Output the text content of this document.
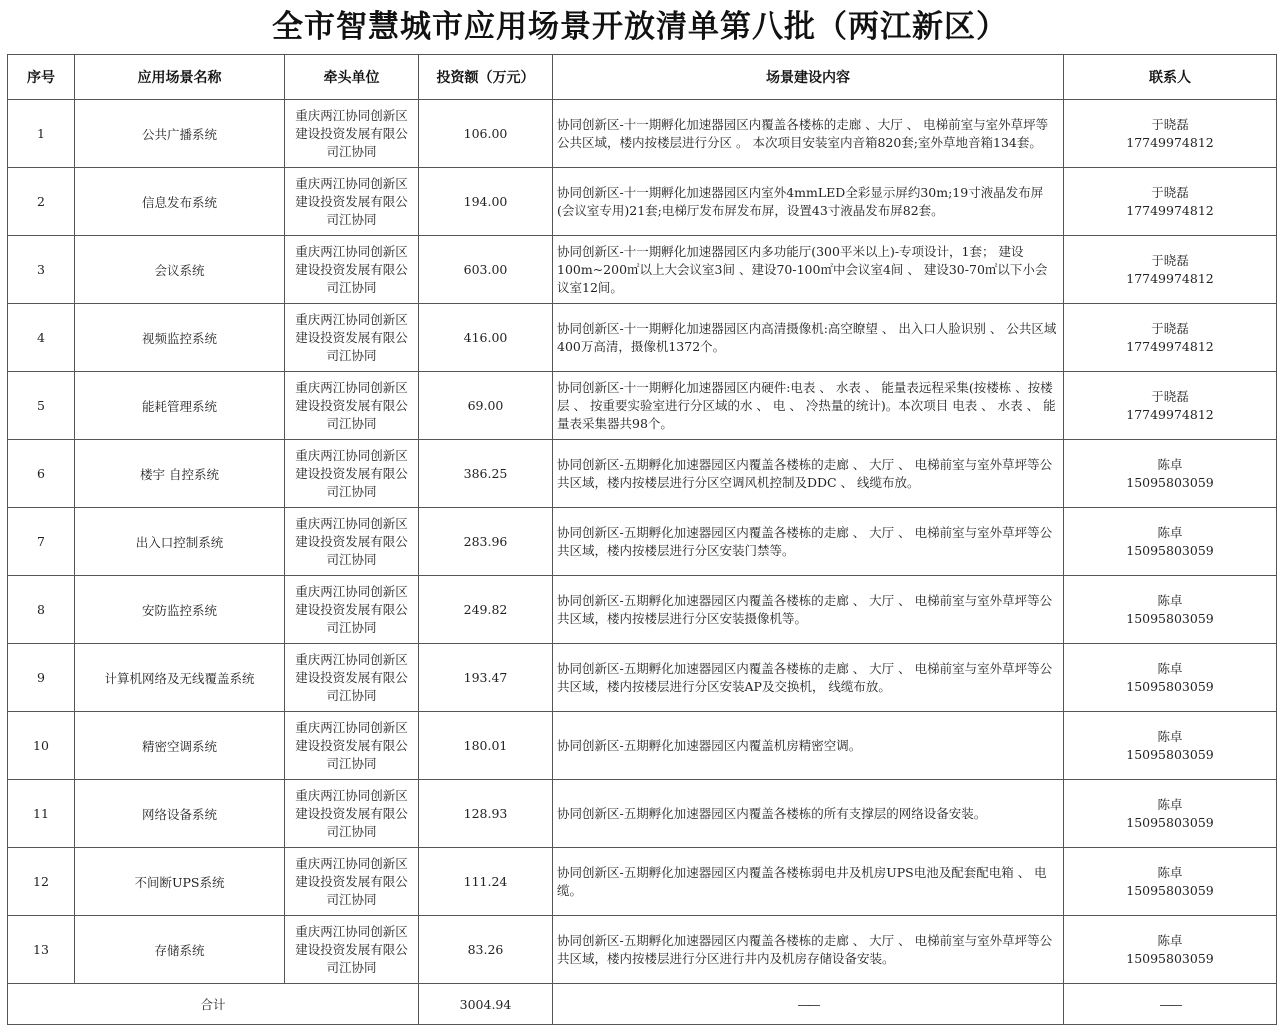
全市智慧城市应用场景开放清单第八批（两江新区）
序号	应用场景名称	牵头单位	投资额（万元）	场景建设内容	联系人
1	公共广播系统	重庆两江协同创新区建设投资发展有限公司江协同	106.00	协同创新区-十一期孵化加速器园区内覆盖各楼栋的走廊 、大厅 、 电梯前室与室外草坪等公共区域，楼内按楼层进行分区 。 本次项目安装室内音箱820套;室外草地音箱134套。	于晓磊
17749974812
2	信息发布系统	重庆两江协同创新区建设投资发展有限公司江协同	194.00	协同创新区-十一期孵化加速器园区内室外4mmLED全彩显示屏约30m;19寸液晶发布屏(会议室专用)21套;电梯厅发布屏发布屏，设置43寸液晶发布屏82套。	于晓磊
17749974812
3	会议系统	重庆两江协同创新区建设投资发展有限公司江协同	603.00	协同创新区-十一期孵化加速器园区内多功能厅(300平米以上)-专项设计，1套； 建设100m~200㎡以上大会议室3间 、建设70-100㎡中会议室4间 、 建设30-70㎡以下小会议室12间。	于晓磊
17749974812
4	视频监控系统	重庆两江协同创新区建设投资发展有限公司江协同	416.00	协同创新区-十一期孵化加速器园区内高清摄像机:高空瞭望 、 出入口人脸识别 、 公共区域400万高清，摄像机1372个。	于晓磊
17749974812
5	能耗管理系统	重庆两江协同创新区建设投资发展有限公司江协同	69.00	协同创新区-十一期孵化加速器园区内硬件:电表 、 水表 、 能量表远程采集(按楼栋 、按楼层 、 按重要实验室进行分区域的水 、 电 、 冷热量的统计)。本次项目 电表 、 水表 、 能量表采集器共98个。	于晓磊
17749974812
6	楼宇 自控系统	重庆两江协同创新区建设投资发展有限公司江协同	386.25	协同创新区-五期孵化加速器园区内覆盖各楼栋的走廊 、 大厅 、 电梯前室与室外草坪等公共区域，楼内按楼层进行分区空调风机控制及DDC 、 线缆布放。	陈卓
15095803059
7	出入口控制系统	重庆两江协同创新区建设投资发展有限公司江协同	283.96	协同创新区-五期孵化加速器园区内覆盖各楼栋的走廊 、 大厅 、 电梯前室与室外草坪等公共区域，楼内按楼层进行分区安装门禁等。	陈卓
15095803059
8	安防监控系统	重庆两江协同创新区建设投资发展有限公司江协同	249.82	协同创新区-五期孵化加速器园区内覆盖各楼栋的走廊 、 大厅 、 电梯前室与室外草坪等公共区域，楼内按楼层进行分区安装摄像机等。	陈卓
15095803059
9	计算机网络及无线覆盖系统	重庆两江协同创新区建设投资发展有限公司江协同	193.47	协同创新区-五期孵化加速器园区内覆盖各楼栋的走廊 、 大厅 、 电梯前室与室外草坪等公共区域，楼内按楼层进行分区安装AP及交换机， 线缆布放。	陈卓
15095803059
10	精密空调系统	重庆两江协同创新区建设投资发展有限公司江协同	180.01	协同创新区-五期孵化加速器园区内覆盖机房精密空调。	陈卓
15095803059
11	网络设备系统	重庆两江协同创新区建设投资发展有限公司江协同	128.93	协同创新区-五期孵化加速器园区内覆盖各楼栋的所有支撑层的网络设备安装。	陈卓
15095803059
12	不间断UPS系统	重庆两江协同创新区建设投资发展有限公司江协同	111.24	协同创新区-五期孵化加速器园区内覆盖各楼栋弱电井及机房UPS电池及配套配电箱 、 电缆。	陈卓
15095803059
13	存储系统	重庆两江协同创新区建设投资发展有限公司江协同	83.26	协同创新区-五期孵化加速器园区内覆盖各楼栋的走廊 、 大厅 、 电梯前室与室外草坪等公共区域，楼内按楼层进行分区进行井内及机房存储设备安装。	陈卓
15095803059
合计			3004.94	——	——
